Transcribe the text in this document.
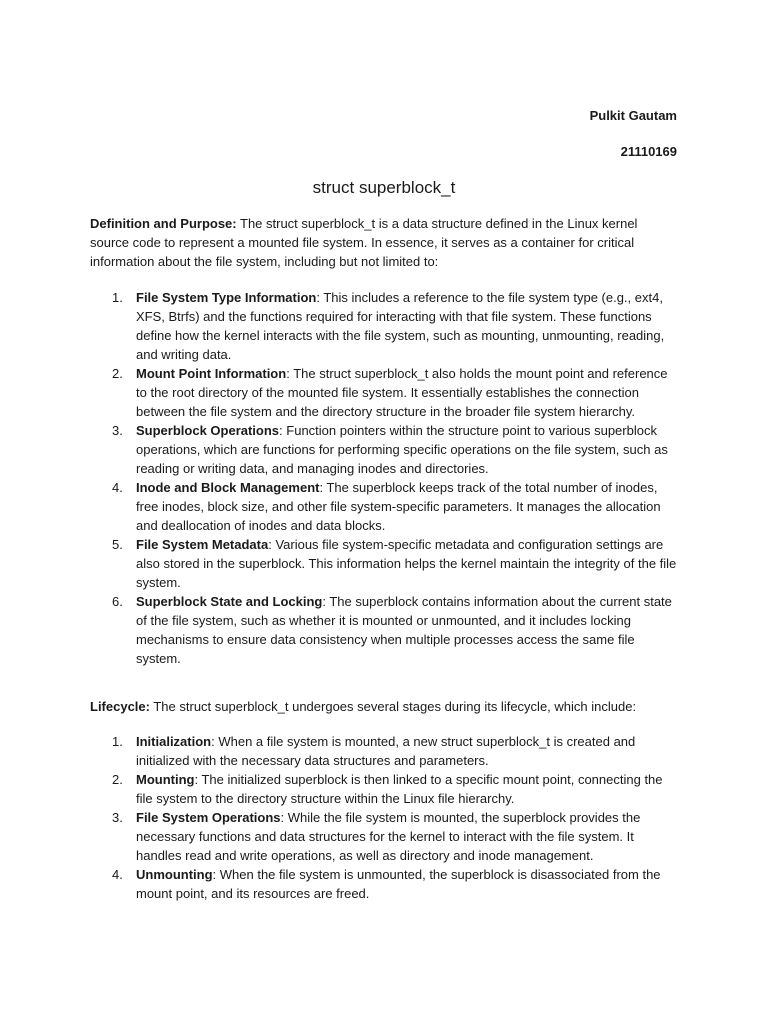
Pulkit Gautam
21110169
struct superblock_t

Definition and Purpose: The struct superblock_t is a data structure defined in the Linux kernel source code to represent a mounted file system. In essence, it serves as a container for critical information about the file system, including but not limited to:

1. File System Type Information: This includes a reference to the file system type (e.g., ext4, XFS, Btrfs) and the functions required for interacting with that file system. These functions define how the kernel interacts with the file system, such as mounting, unmounting, reading, and writing data.
2. Mount Point Information: The struct superblock_t also holds the mount point and reference to the root directory of the mounted file system. It essentially establishes the connection between the file system and the directory structure in the broader file system hierarchy.
3. Superblock Operations: Function pointers within the structure point to various superblock operations, which are functions for performing specific operations on the file system, such as reading or writing data, and managing inodes and directories.
4. Inode and Block Management: The superblock keeps track of the total number of inodes, free inodes, block size, and other file system-specific parameters. It manages the allocation and deallocation of inodes and data blocks.
5. File System Metadata: Various file system-specific metadata and configuration settings are also stored in the superblock. This information helps the kernel maintain the integrity of the file system.
6. Superblock State and Locking: The superblock contains information about the current state of the file system, such as whether it is mounted or unmounted, and it includes locking mechanisms to ensure data consistency when multiple processes access the same file system.

Lifecycle: The struct superblock_t undergoes several stages during its lifecycle, which include:

1. Initialization: When a file system is mounted, a new struct superblock_t is created and initialized with the necessary data structures and parameters.
2. Mounting: The initialized superblock is then linked to a specific mount point, connecting the file system to the directory structure within the Linux file hierarchy.
3. File System Operations: While the file system is mounted, the superblock provides the necessary functions and data structures for the kernel to interact with the file system. It handles read and write operations, as well as directory and inode management.
4. Unmounting: When the file system is unmounted, the superblock is disassociated from the mount point, and its resources are freed.
